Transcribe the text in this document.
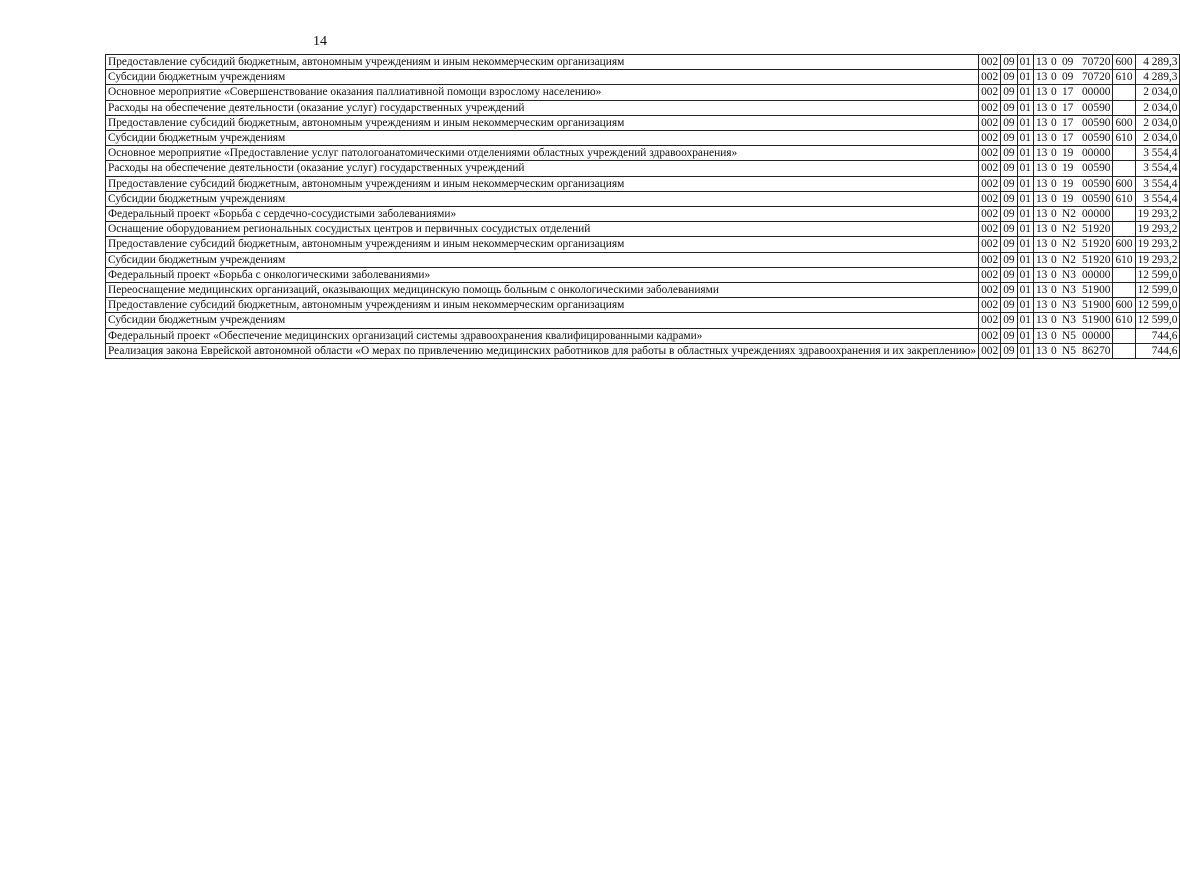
14
Предоставление субсидий бюджетным, автономным учреждениям и иным некоммерческим организациям	002	09	01	13 0 09 70720	600	4 289,3

Субсидии бюджетным учреждениям	002	09	01	13 0 09 70720	610	4 289,3

Основное мероприятие «Совершенствование оказания паллиативной помощи взрослому населению»	002	09	01	13 0 17 00000		2 034,0

Расходы на обеспечение деятельности (оказание услуг) государственных учреждений	002	09	01	13 0 17 00590		2 034,0

Предоставление субсидий бюджетным, автономным учреждениям и иным некоммерческим организациям	002	09	01	13 0 17 00590	600	2 034,0

Субсидии бюджетным учреждениям	002	09	01	13 0 17 00590	610	2 034,0

Основное мероприятие «Предоставление услуг патологоанатомическими отделениями областных учреждений здравоохранения»	002	09	01	13 0 19 00000		3 554,4

Расходы на обеспечение деятельности (оказание услуг) государственных учреждений	002	09	01	13 0 19 00590		3 554,4

Предоставление субсидий бюджетным, автономным учреждениям и иным некоммерческим организациям	002	09	01	13 0 19 00590	600	3 554,4

Субсидии бюджетным учреждениям	002	09	01	13 0 19 00590	610	3 554,4

Федеральный проект «Борьба с сердечно-сосудистыми заболеваниями»	002	09	01	13 0 N2 00000		19 293,2

Оснащение оборудованием региональных сосудистых центров и первичных сосудистых отделений	002	09	01	13 0 N2 51920		19 293,2

Предоставление субсидий бюджетным, автономным учреждениям и иным некоммерческим организациям	002	09	01	13 0 N2 51920	600	19 293,2

Субсидии бюджетным учреждениям	002	09	01	13 0 N2 51920	610	19 293,2

Федеральный проект «Борьба с онкологическими заболеваниями»	002	09	01	13 0 N3 00000		12 599,0

Переоснащение медицинских организаций, оказывающих медицинскую помощь больным с онкологическими заболеваниями	002	09	01	13 0 N3 51900		12 599,0

Предоставление субсидий бюджетным, автономным учреждениям и иным некоммерческим организациям	002	09	01	13 0 N3 51900	600	12 599,0

Субсидии бюджетным учреждениям	002	09	01	13 0 N3 51900	610	12 599,0

Федеральный проект «Обеспечение медицинских организаций системы здравоохранения квалифицированными кадрами»	002	09	01	13 0 N5 00000		744,6

Реализация закона Еврейской автономной области «О мерах по привлечению медицинских работников для работы в областных учреждениях здравоохранения и их закреплению»	002	09	01	13 0 N5 86270		744,6
